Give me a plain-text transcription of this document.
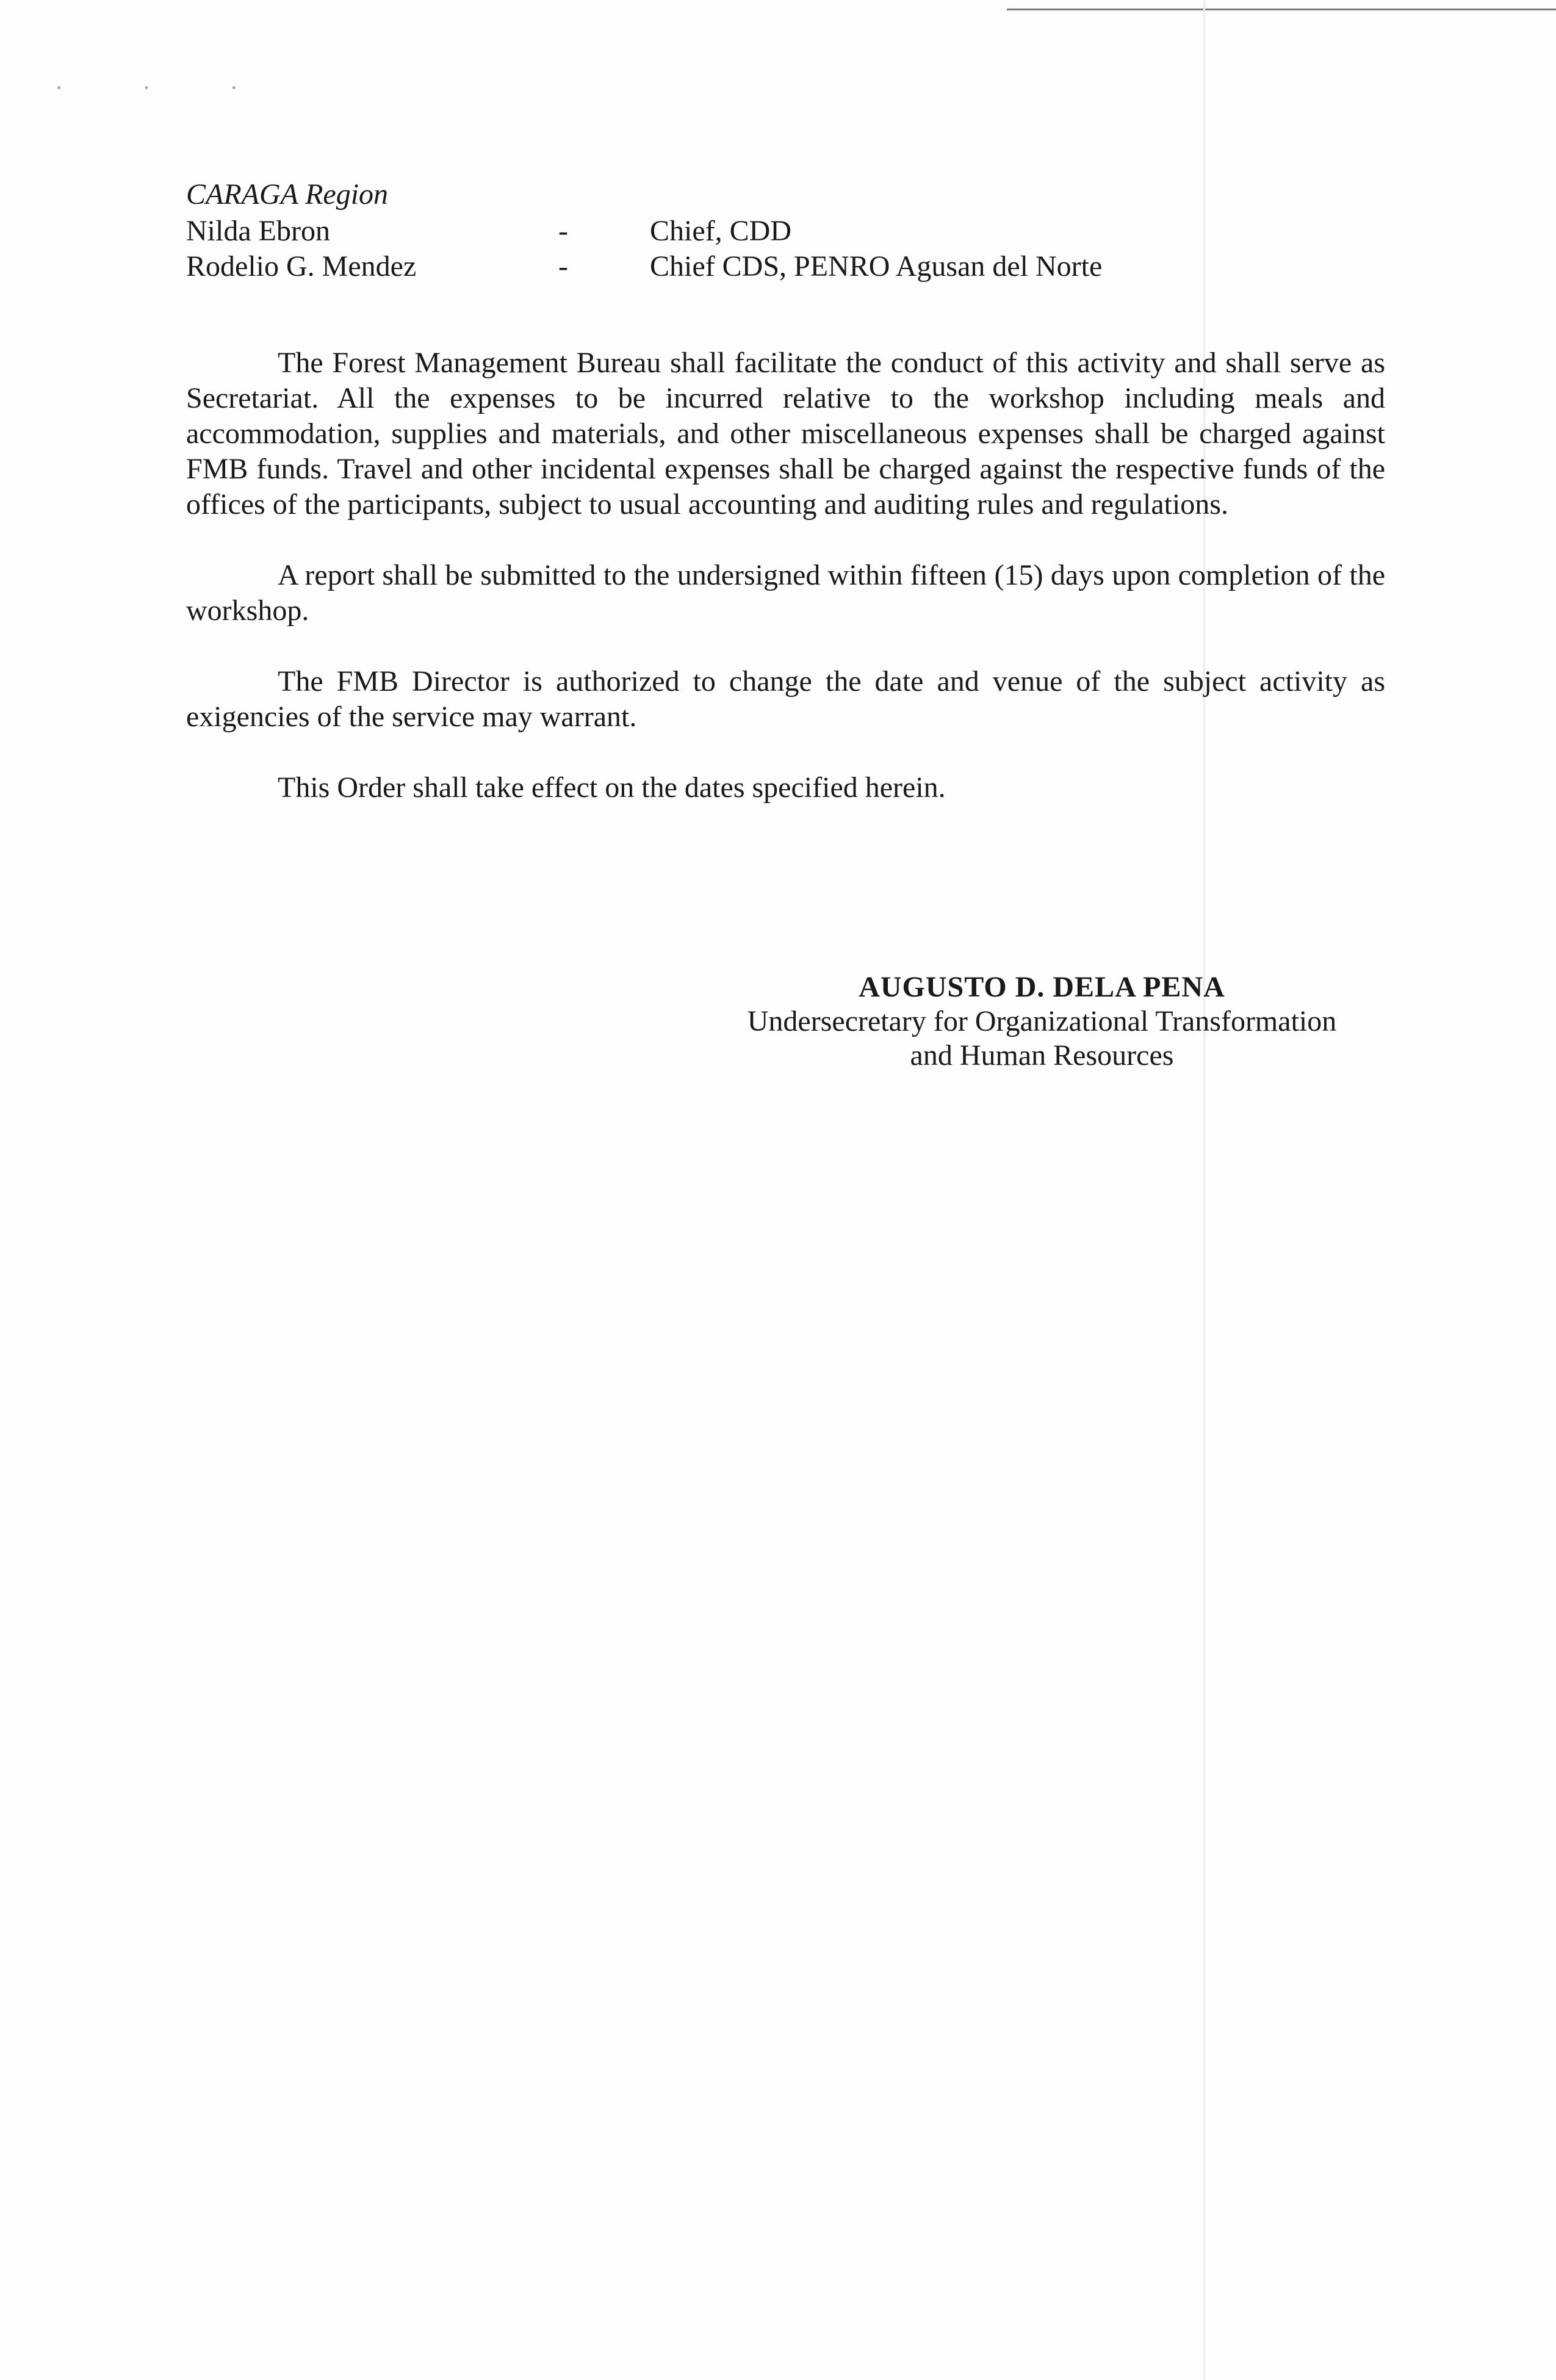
· · ·

CARAGA Region

Nilda Ebron	-	Chief, CDD
Rodelio G. Mendez	-	Chief CDS, PENRO Agusan del Norte

The Forest Management Bureau shall facilitate the conduct of this activity and shall serve as Secretariat. All the expenses to be incurred relative to the workshop including meals and accommodation, supplies and materials, and other miscellaneous expenses shall be charged against FMB funds. Travel and other incidental expenses shall be charged against the respective funds of the offices of the participants, subject to usual accounting and auditing rules and regulations.

A report shall be submitted to the undersigned within fifteen (15) days upon completion of the workshop.

The FMB Director is authorized to change the date and venue of the subject activity as exigencies of the service may warrant.

This Order shall take effect on the dates specified herein.

AUGUSTO D. DELA PENA
Undersecretary for Organizational Transformation
and Human Resources
